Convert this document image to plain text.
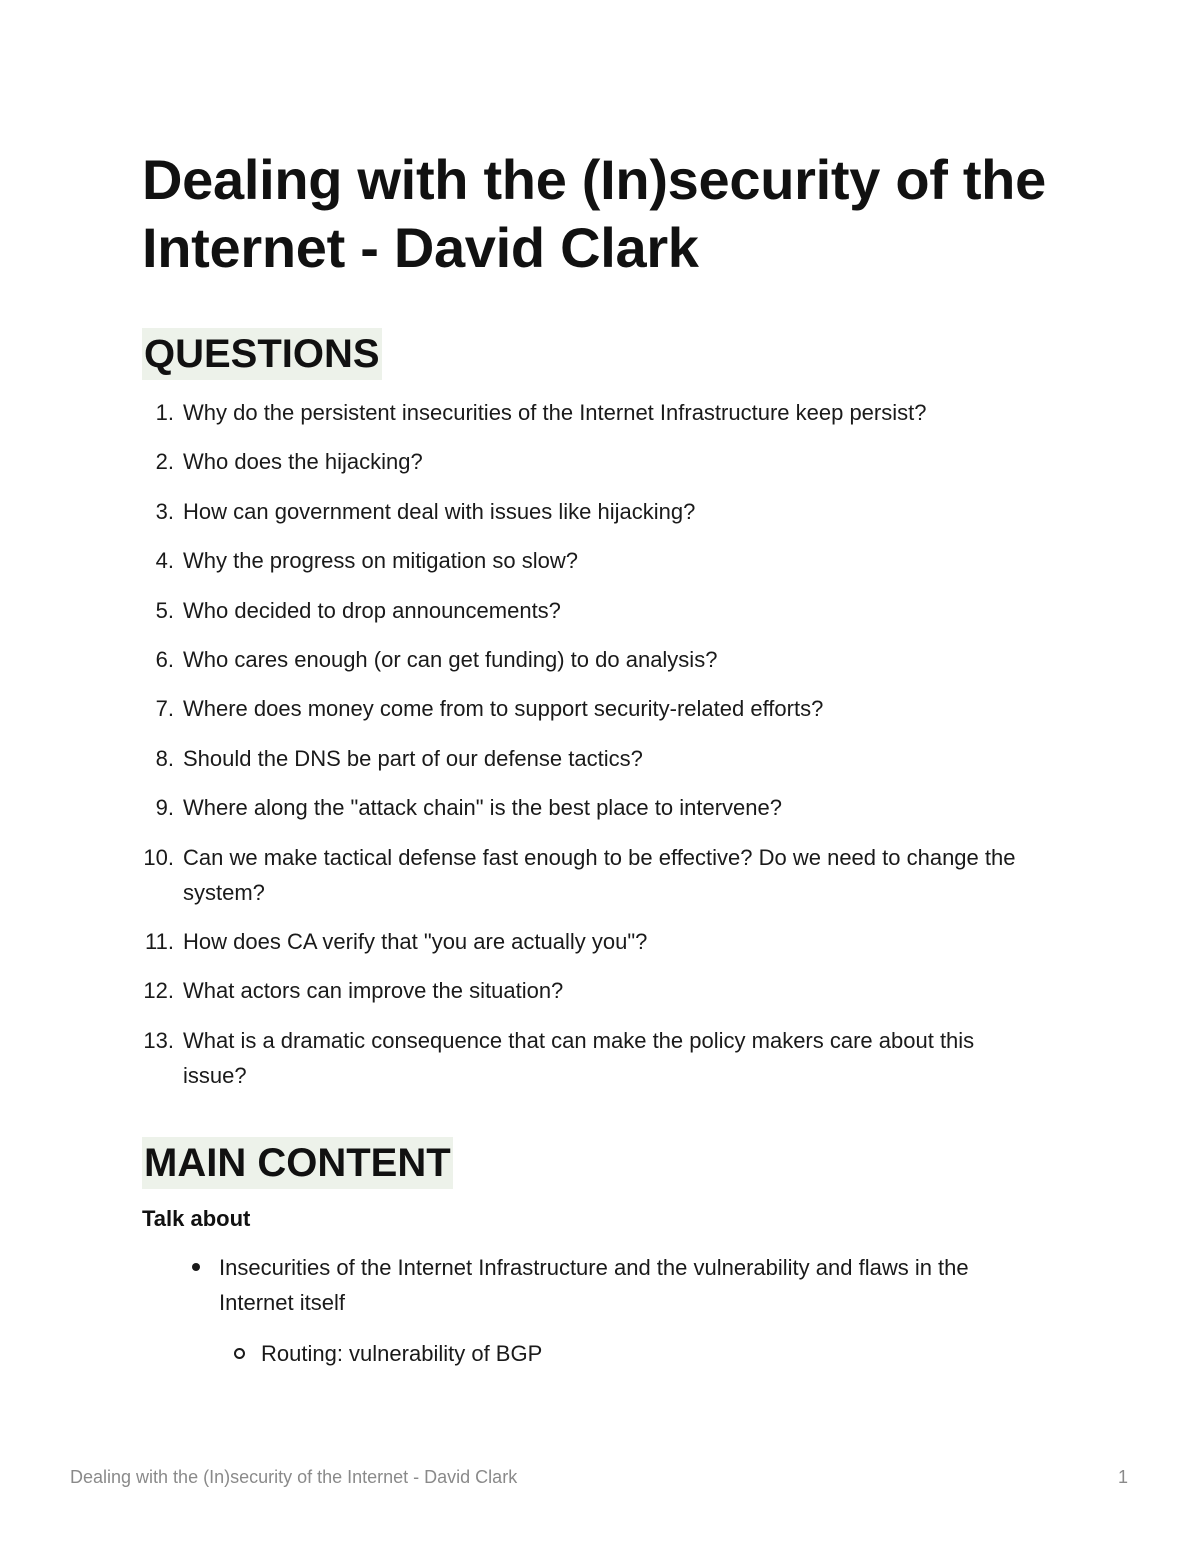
Dealing with the (In)security of the Internet - David Clark
QUESTIONS
1. Why do the persistent insecurities of the Internet Infrastructure keep persist?
2. Who does the hijacking?
3. How can government deal with issues like hijacking?
4. Why the progress on mitigation so slow?
5. Who decided to drop announcements?
6. Who cares enough (or can get funding) to do analysis?
7. Where does money come from to support security-related efforts?
8. Should the DNS be part of our defense tactics?
9. Where along the "attack chain" is the best place to intervene?
10. Can we make tactical defense fast enough to be effective? Do we need to change the system?
11. How does CA verify that "you are actually you"?
12. What actors can improve the situation?
13. What is a dramatic consequence that can make the policy makers care about this issue?
MAIN CONTENT
Talk about
Insecurities of the Internet Infrastructure and the vulnerability and flaws in the Internet itself
Routing: vulnerability of BGP
Dealing with the (In)security of the Internet - David Clark	1
